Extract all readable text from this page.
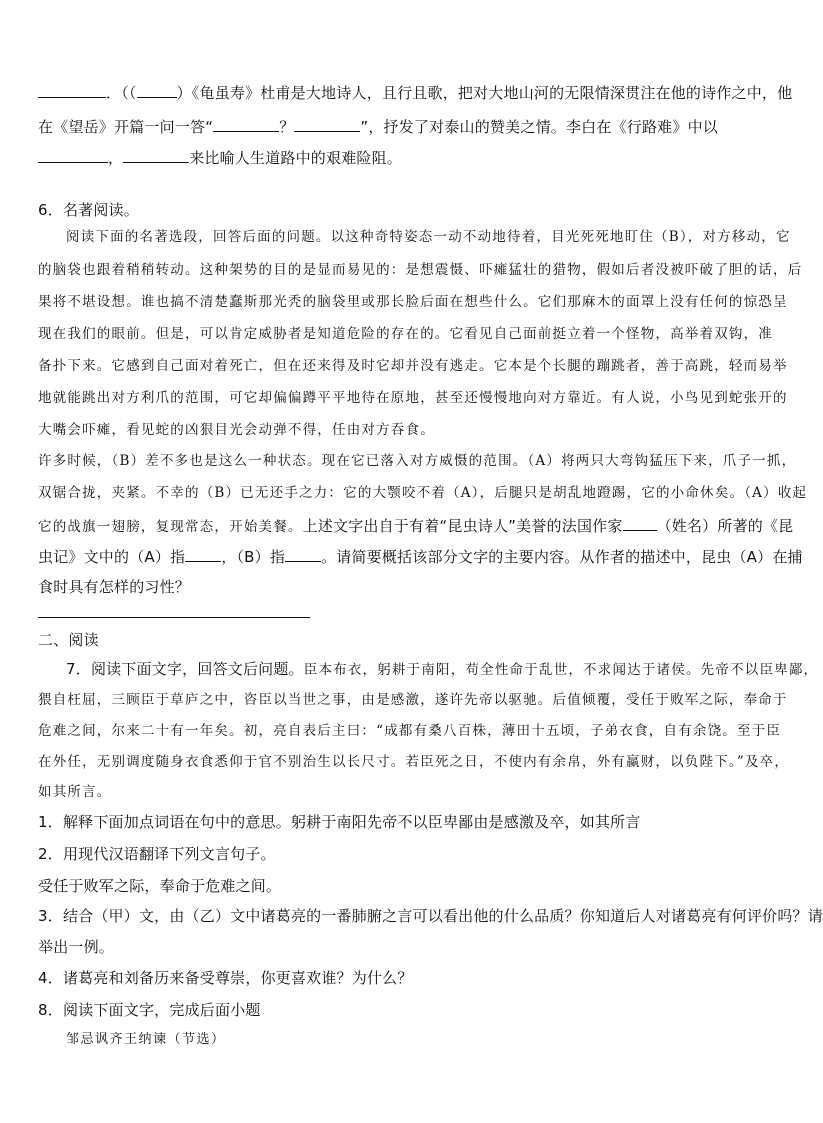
．（（	）《龟虽寿》杜甫是大地诗人，且行且歌，把对大地山河的无限情深贯注在他的诗作之中，他
在《望岳》开篇一问一答“	？	”，抒发了对泰山的赞美之情。李白在《行路难》中以
，	来比喻人生道路中的艰难险阻。
6．名著阅读。
阅读下面的名著选段，回答后面的问题。以这种奇特姿态一动不动地待着，目光死死地盯住（B），对方移动，它
的脑袋也跟着稍稍转动。这种架势的目的是显而易见的：是想震慑、吓瘫猛壮的猎物，假如后者没被吓破了胆的话，后
果将不堪设想。谁也搞不清楚蠢斯那光秃的脑袋里或那长脸后面在想些什么。它们那麻木的面罩上没有任何的惊恐呈
现在我们的眼前。但是，可以肯定威胁者是知道危险的存在的。它看见自己面前挺立着一个怪物，高举着双钩，准
备扑下来。它感到自己面对着死亡，但在还来得及时它却并没有逃走。它本是个长腿的蹦跳者，善于高跳，轻而易举
地就能跳出对方利爪的范围，可它却偏偏蹲平平地待在原地，甚至还慢慢地向对方靠近。有人说，小鸟见到蛇张开的
大嘴会吓瘫，看见蛇的凶狠目光会动弹不得，任由对方吞食。
许多时候，（B）差不多也是这么一种状态。现在它已落入对方威慑的范围。（A）将两只大弯钩猛压下来，爪子一抓，
双锯合拢，夹紧。不幸的（B）已无还手之力：它的大颚咬不着（A），后腿只是胡乱地蹬踢，它的小命休矣。（A）收起
它的战旗一翅膀，复现常态，开始美餐。上述文字出自于有着“昆虫诗人”美誉的法国作家 （姓名）所著的《昆
虫记》文中的（A）指 ，（B）指 。请简要概括该部分文字的主要内容。从作者的描述中，昆虫（A）在捕
食时具有怎样的习性？
二、阅读
7．阅读下面文字，回答文后问题。臣本布衣，躬耕于南阳，苟全性命于乱世，不求闻达于诸侯。先帝不以臣卑鄙，
猥自枉屈，三顾臣于草庐之中，咨臣以当世之事，由是感激，遂许先帝以驱驰。后值倾覆，受任于败军之际，奉命于
危难之间，尔来二十有一年矣。初，亮自表后主曰：“成都有桑八百株，薄田十五顷，子弟衣食，自有余饶。至于臣
在外任，无别调度随身衣食悉仰于官不别治生以长尺寸。若臣死之日，不使内有余帛，外有赢财，以负陛下。”及卒，
如其所言。
1．解释下面加点词语在句中的意思。躬耕于南阳先帝不以臣卑鄙由是感激及卒，如其所言
2．用现代汉语翻译下列文言句子。
受任于败军之际，奉命于危难之间。
3．结合（甲）文，由（乙）文中诸葛亮的一番肺腑之言可以看出他的什么品质？你知道后人对诸葛亮有何评价吗？请
举出一例。
4．诸葛亮和刘备历来备受尊崇，你更喜欢谁？为什么？
8．阅读下面文字，完成后面小题
邹忌讽齐王纳谏（节选）
